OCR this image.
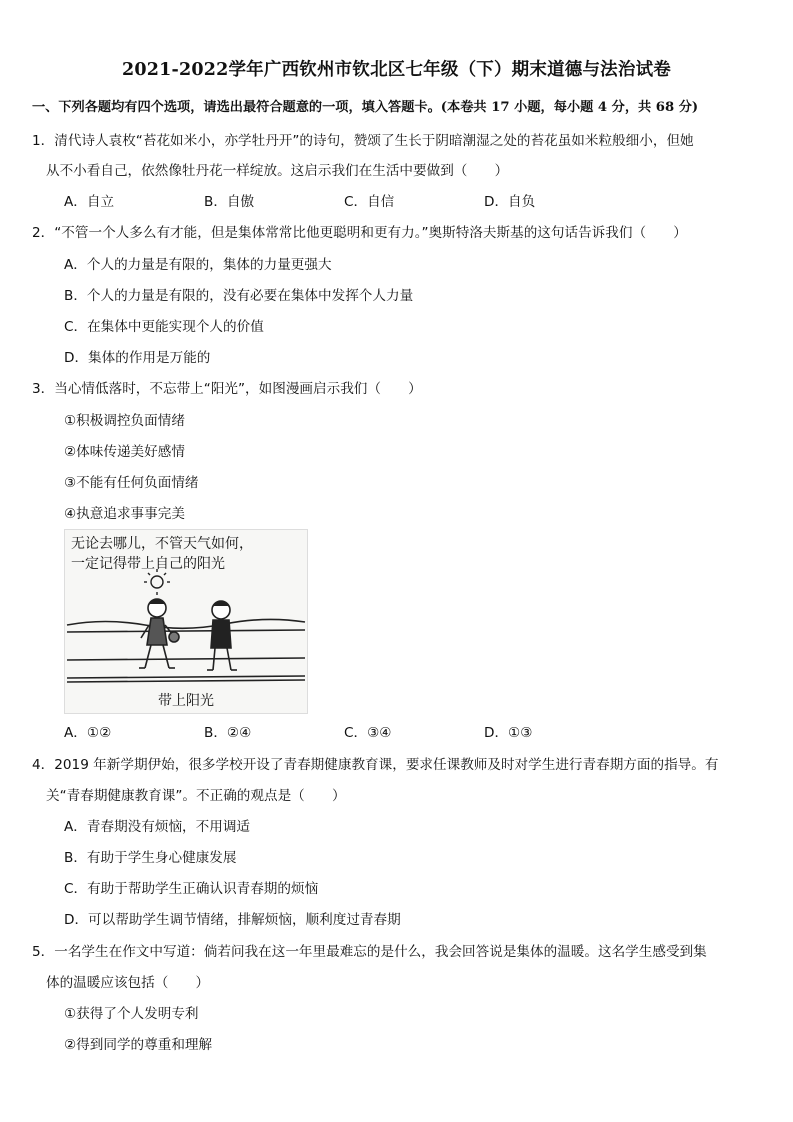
2021-2022学年广西钦州市钦北区七年级（下）期末道德与法治试卷
一、下列各题均有四个选项，请选出最符合题意的一项，填入答题卡。(本卷共 17 小题，每小题 4 分，共 68 分)
1．清代诗人袁枚“苔花如米小，亦学牡丹开”的诗句，赞颂了生长于阴暗潮湿之处的苔花虽如米粒般细小，但她
从不小看自己，依然像牡丹花一样绽放。这启示我们在生活中要做到（　　）
A．自立	B．自傲	C．自信	D．自负
2．“不管一个人多么有才能，但是集体常常比他更聪明和更有力。”奥斯特洛夫斯基的这句话告诉我们（　　）
A．个人的力量是有限的，集体的力量更强大
B．个人的力量是有限的，没有必要在集体中发挥个人力量
C．在集体中更能实现个人的价值
D．集体的作用是万能的
3．当心情低落时，不忘带上“阳光”，如图漫画启示我们（　　）
①积极调控负面情绪
②体味传递美好感情
③不能有任何负面情绪
④执意追求事事完美
无论去哪儿，不管天气如何，
一定记得带上自己的阳光
带上阳光
A．①②	B．②④	C．③④	D．①③
4．2019 年新学期伊始，很多学校开设了青春期健康教育课，要求任课教师及时对学生进行青春期方面的指导。有
关“青春期健康教育课”。不正确的观点是（　　）
A．青春期没有烦恼，不用调适
B．有助于学生身心健康发展
C．有助于帮助学生正确认识青春期的烦恼
D．可以帮助学生调节情绪，排解烦恼，顺利度过青春期
5．一名学生在作文中写道：倘若问我在这一年里最难忘的是什么，我会回答说是集体的温暖。这名学生感受到集
体的温暖应该包括（　　）
①获得了个人发明专利
②得到同学的尊重和理解
